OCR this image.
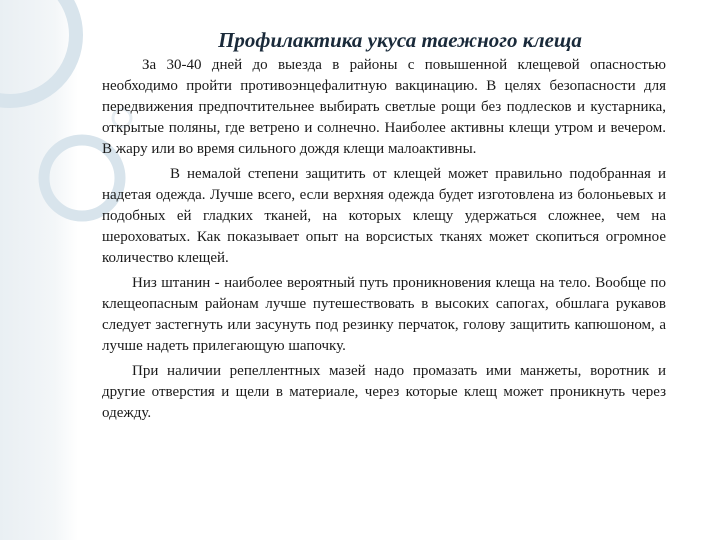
Профилактика укуса таежного клеща

За 30-40 дней до выезда в районы с повышенной клещевой опасностью необходимо пройти противоэнцефалитную вакцинацию. В целях безопасности для передвижения предпочтительнее выбирать светлые рощи без подлесков и кустарника, открытые поляны, где ветрено и солнечно. Наиболее активны клещи утром и вечером. В жару или во время сильного дождя клещи малоактивны.

В немалой степени защитить от клещей может правильно подобранная и надетая одежда. Лучше всего, если верхняя одежда будет изготовлена из болоньевых и подобных ей гладких тканей, на которых клещу удержаться сложнее, чем на шероховатых. Как показывает опыт на ворсистых тканях может скопиться огромное количество клещей.

Низ штанин - наиболее вероятный путь проникновения клеща на тело. Вообще по клещеопасным районам лучше путешествовать в высоких сапогах, обшлага рукавов следует застегнуть или засунуть под резинку перчаток, голову защитить капюшоном, а лучше надеть прилегающую шапочку.

При наличии репеллентных мазей надо промазать ими манжеты, воротник и другие отверстия и щели в материале, через которые клещ может проникнуть через одежду.
